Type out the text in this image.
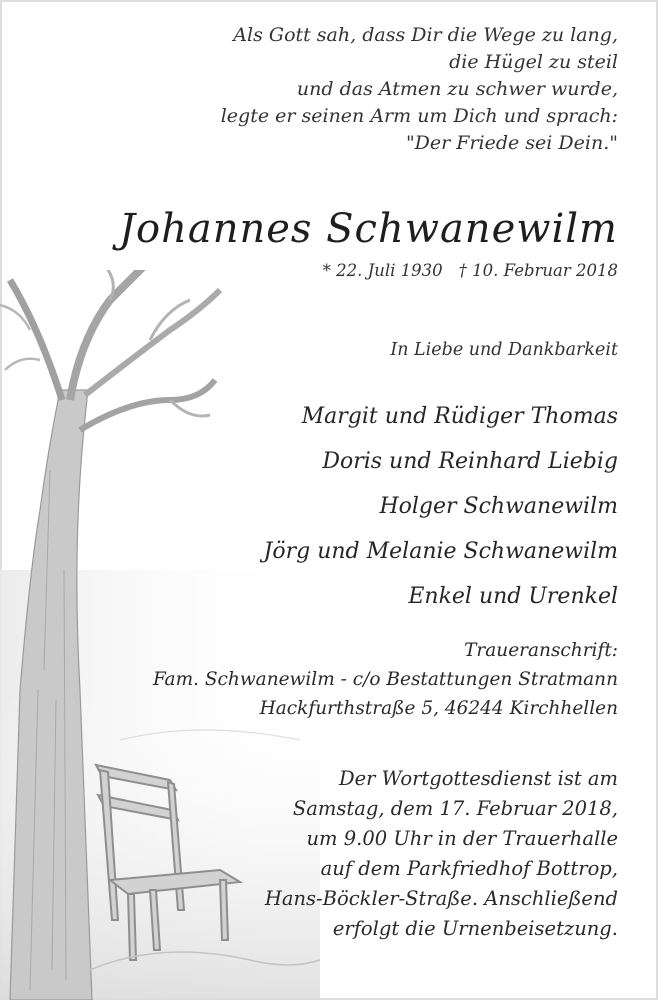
Als Gott sah, dass Dir die Wege zu lang,
die Hügel zu steil
und das Atmen zu schwer wurde,
legte er seinen Arm um Dich und sprach:
"Der Friede sei Dein."
Johannes Schwanewilm
* 22. Juli 1930 † 10. Februar 2018
In Liebe und Dankbarkeit
Margit und Rüdiger Thomas
Doris und Reinhard Liebig
Holger Schwanewilm
Jörg und Melanie Schwanewilm
Enkel und Urenkel
Traueranschrift:
Fam. Schwanewilm - c/o Bestattungen Stratmann
Hackfurthstraße 5, 46244 Kirchhellen
Der Wortgottesdienst ist am
Samstag, dem 17. Februar 2018,
um 9.00 Uhr in der Trauerhalle
auf dem Parkfriedhof Bottrop,
Hans-Böckler-Straße. Anschließend
erfolgt die Urnenbeisetzung.
